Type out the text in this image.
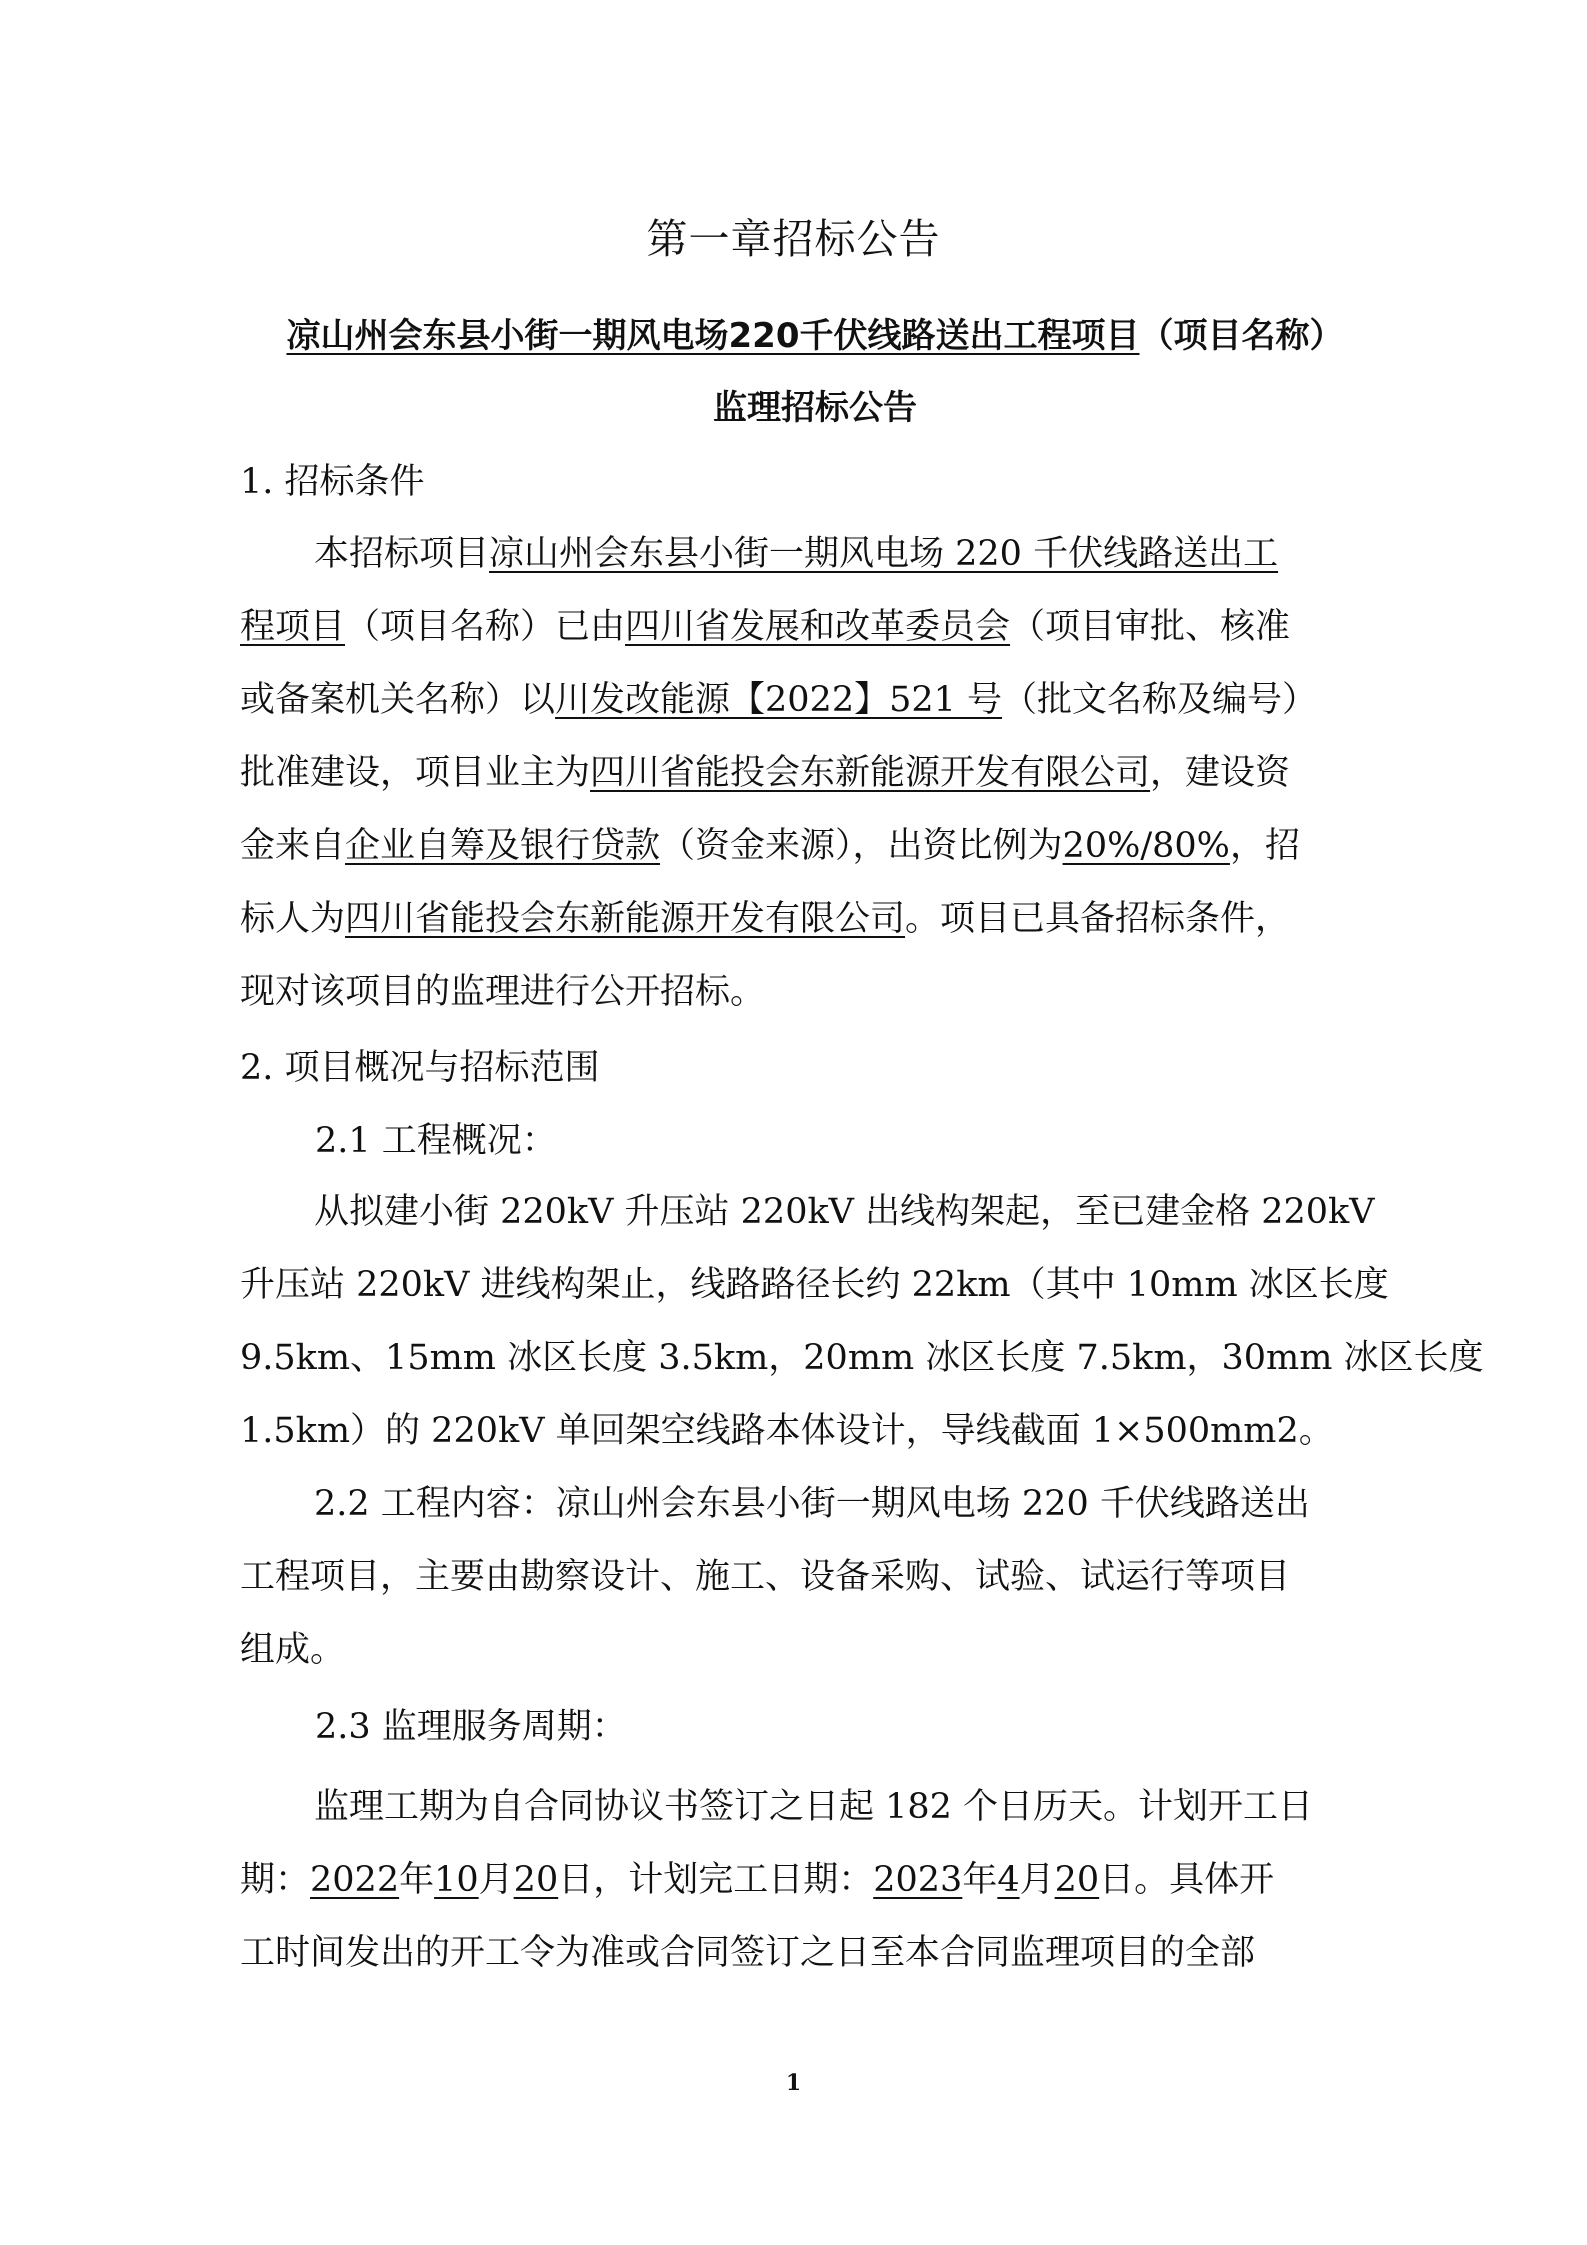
第一章招标公告
凉山州会东县小街一期风电场220千伏线路送出工程项目（项目名称）
监理招标公告
1. 招标条件
本招标项目凉山州会东县小街一期风电场 220 千伏线路送出工
程项目（项目名称）已由四川省发展和改革委员会（项目审批、核准
或备案机关名称）以川发改能源【2022】521 号（批文名称及编号）
批准建设，项目业主为四川省能投会东新能源开发有限公司，建设资
金来自企业自筹及银行贷款（资金来源），出资比例为20%/80%，招
标人为四川省能投会东新能源开发有限公司。项目已具备招标条件，
现对该项目的监理进行公开招标。
2. 项目概况与招标范围
2.1 工程概况：
从拟建小街 220kV 升压站 220kV 出线构架起，至已建金格 220kV
升压站 220kV 进线构架止，线路路径长约 22km（其中 10mm 冰区长度
9.5km、15mm 冰区长度 3.5km，20mm 冰区长度 7.5km，30mm 冰区长度
1.5km）的 220kV 单回架空线路本体设计，导线截面 1×500mm2。
2.2 工程内容：凉山州会东县小街一期风电场 220 千伏线路送出
工程项目，主要由勘察设计、施工、设备采购、试验、试运行等项目
组成。
2.3 监理服务周期：
监理工期为自合同协议书签订之日起 182 个日历天。计划开工日
期：2022年10月20日，计划完工日期：2023年4月20日。具体开
工时间发出的开工令为准或合同签订之日至本合同监理项目的全部
1
